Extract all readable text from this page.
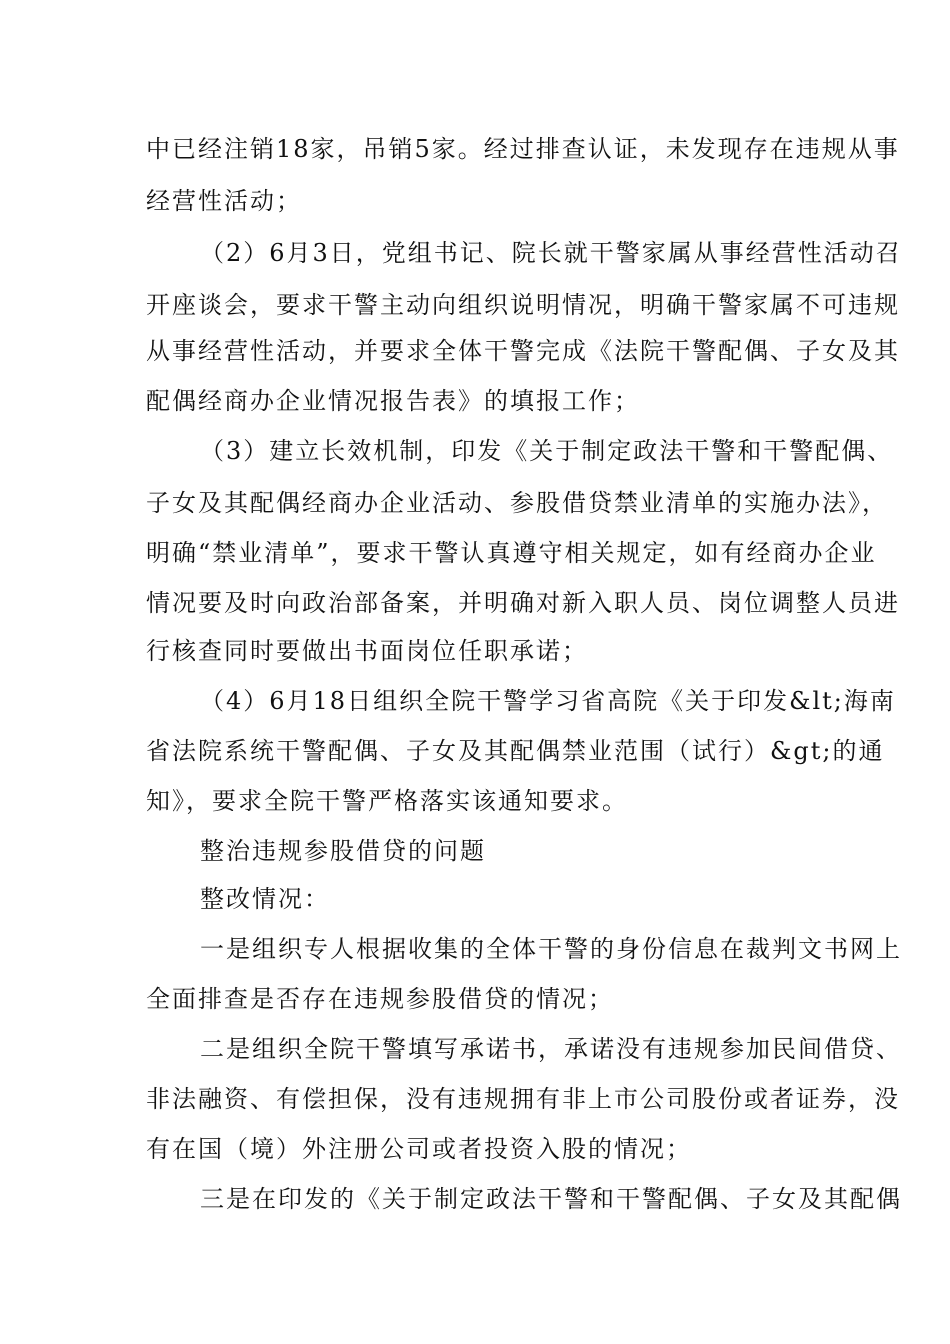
中已经注销18家，吊销5家。经过排查认证，未发现存在违规从事
经营性活动；
（2）6月3日，党组书记、院长就干警家属从事经营性活动召
开座谈会，要求干警主动向组织说明情况，明确干警家属不可违规
从事经营性活动，并要求全体干警完成《法院干警配偶、子女及其
配偶经商办企业情况报告表》的填报工作；
（3）建立长效机制，印发《关于制定政法干警和干警配偶、
子女及其配偶经商办企业活动、参股借贷禁业清单的实施办法》，
明确“禁业清单”，要求干警认真遵守相关规定，如有经商办企业
情况要及时向政治部备案，并明确对新入职人员、岗位调整人员进
行核查同时要做出书面岗位任职承诺；
（4）6月18日组织全院干警学习省高院《关于印发&lt;海南
省法院系统干警配偶、子女及其配偶禁业范围（试行）&gt;的通
知》，要求全院干警严格落实该通知要求。
整治违规参股借贷的问题
整改情况：
一是组织专人根据收集的全体干警的身份信息在裁判文书网上
全面排查是否存在违规参股借贷的情况；
二是组织全院干警填写承诺书，承诺没有违规参加民间借贷、
非法融资、有偿担保，没有违规拥有非上市公司股份或者证券，没
有在国（境）外注册公司或者投资入股的情况；
三是在印发的《关于制定政法干警和干警配偶、子女及其配偶
